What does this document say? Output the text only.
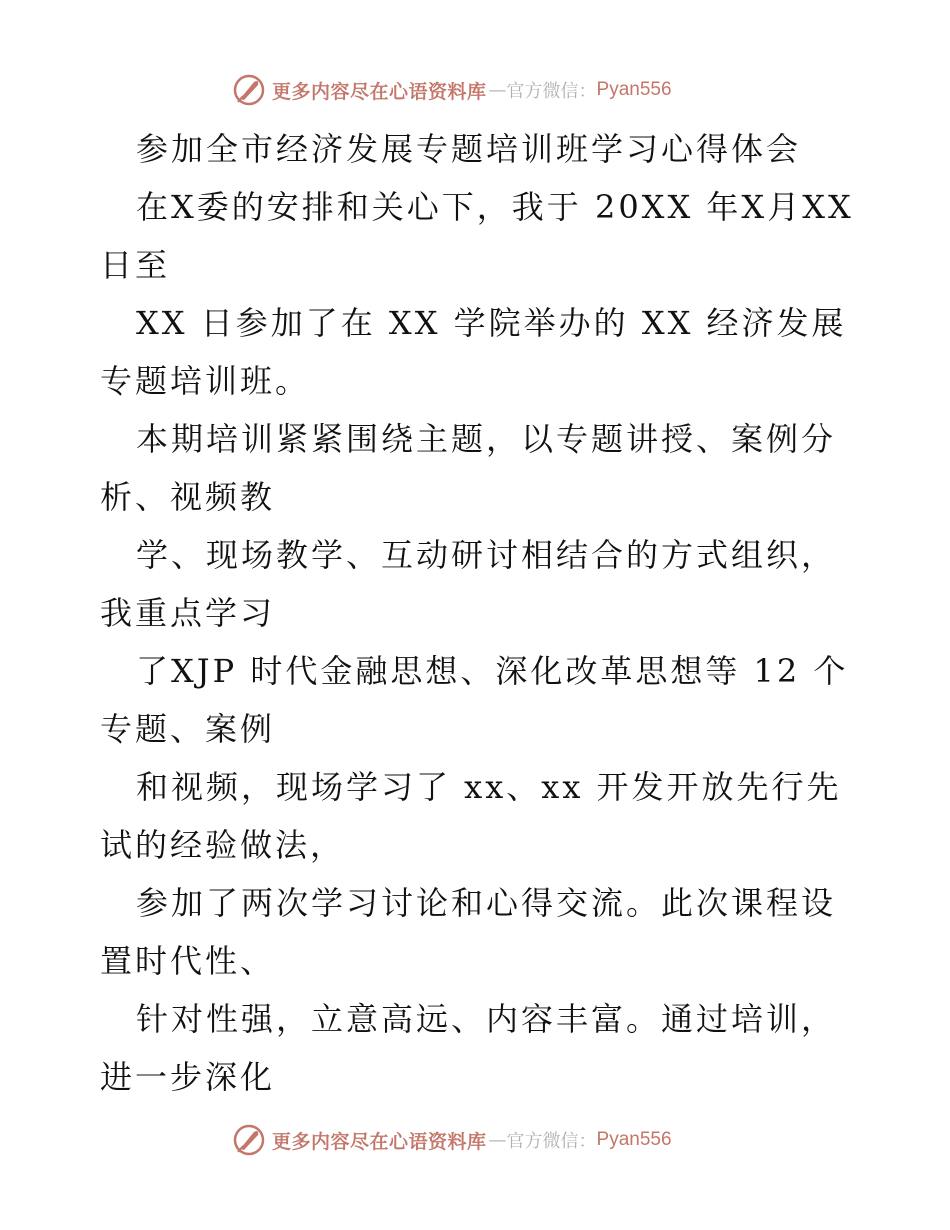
更多内容尽在心语资料库 — 官方微信： Pyan556

参加全市经济发展专题培训班学习心得体会

在X委的安排和关心下，我于 20XX 年X月XX 日至

XX 日参加了在 XX 学院举办的 XX 经济发展专题培训班。

本期培训紧紧围绕主题，以专题讲授、案例分析、视频教

学、现场教学、互动研讨相结合的方式组织，我重点学习

了XJP 时代金融思想、深化改革思想等 12 个专题、案例

和视频，现场学习了 xx、xx 开发开放先行先试的经验做法，

参加了两次学习讨论和心得交流。此次课程设置时代性、

针对性强，立意高远、内容丰富。通过培训，进一步深化

更多内容尽在心语资料库 — 官方微信： Pyan556
